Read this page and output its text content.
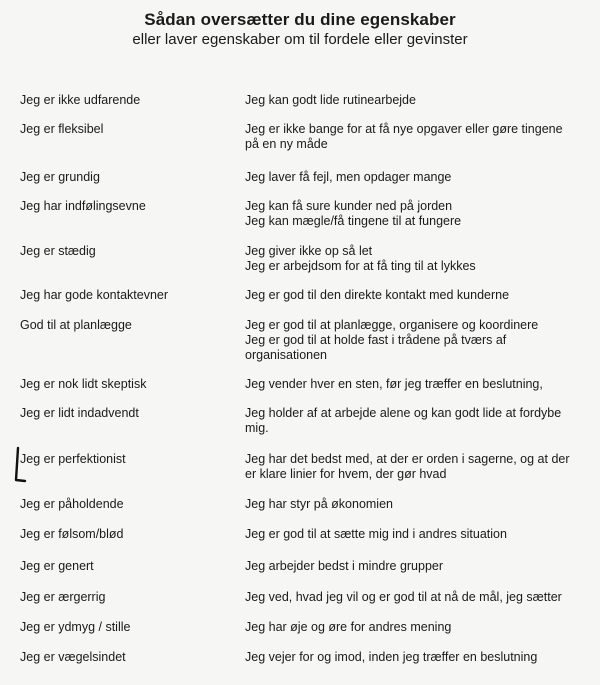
Sådan oversætter du dine egenskaber
eller laver egenskaber om til fordele eller gevinster
Jeg er ikke udfarende	Jeg kan godt lide rutinearbejde
Jeg er fleksibel	Jeg er ikke bange for at få nye opgaver eller gøre tingene
på en ny måde
Jeg er grundig	Jeg laver få fejl, men opdager mange
Jeg har indfølingsevne	Jeg kan få sure kunder ned på jorden
Jeg kan mægle/få tingene til at fungere
Jeg er stædig	Jeg giver ikke op så let
Jeg er arbejdsom for at få ting til at lykkes
Jeg har gode kontaktevner	Jeg er god til den direkte kontakt med kunderne
God til at planlægge	Jeg er god til at planlægge, organisere og koordinere
Jeg er god til at holde fast i trådene på tværs af
organisationen
Jeg er nok lidt skeptisk	Jeg vender hver en sten, før jeg træffer en beslutning,
Jeg er lidt indadvendt	Jeg holder af at arbejde alene og kan godt lide at fordybe
mig.
Jeg er perfektionist	Jeg har det bedst med, at der er orden i sagerne, og at der
er klare linier for hvem, der gør hvad
Jeg er påholdende	Jeg har styr på økonomien
Jeg er følsom/blød	Jeg er god til at sætte mig ind i andres situation
Jeg er genert	Jeg arbejder bedst i mindre grupper
Jeg er ærgerrig	Jeg ved, hvad jeg vil og er god til at nå de mål, jeg sætter
Jeg er ydmyg / stille	Jeg har øje og øre for andres mening
Jeg er vægelsindet	Jeg vejer for og imod, inden jeg træffer en beslutning
